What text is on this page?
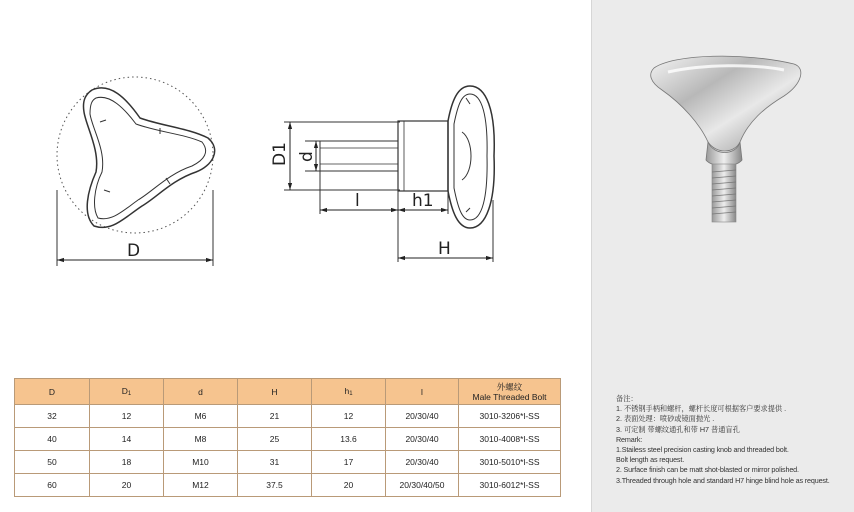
D
D1 d
l	h1
H
D	D1	d	H	h1	l	外螺纹
Male Threaded Bolt

32	12	M6	21	12	20/30/40	3010-3206*l-SS
40	14	M8	25	13.6	20/30/40	3010-4008*l-SS
50	18	M10	31	17	20/30/40	3010-5010*l-SS
60	20	M12	37.5	20	20/30/40/50	3010-6012*l-SS
备注：
1. 不锈钢手柄和螺杆，螺杆长度可根据客户要求提供 .
2. 表面处理：喷砂或镜面抛光 .
3. 可定制 带螺纹通孔和带 H7 普通盲孔
Remark:
1.Stailess steel precision casting knob and threaded bolt.
Bolt length as request.
2. Surface finish can be matt shot-blasted or mirror polished.
3.Threaded through hole and standard H7 hinge blind hole as request.
